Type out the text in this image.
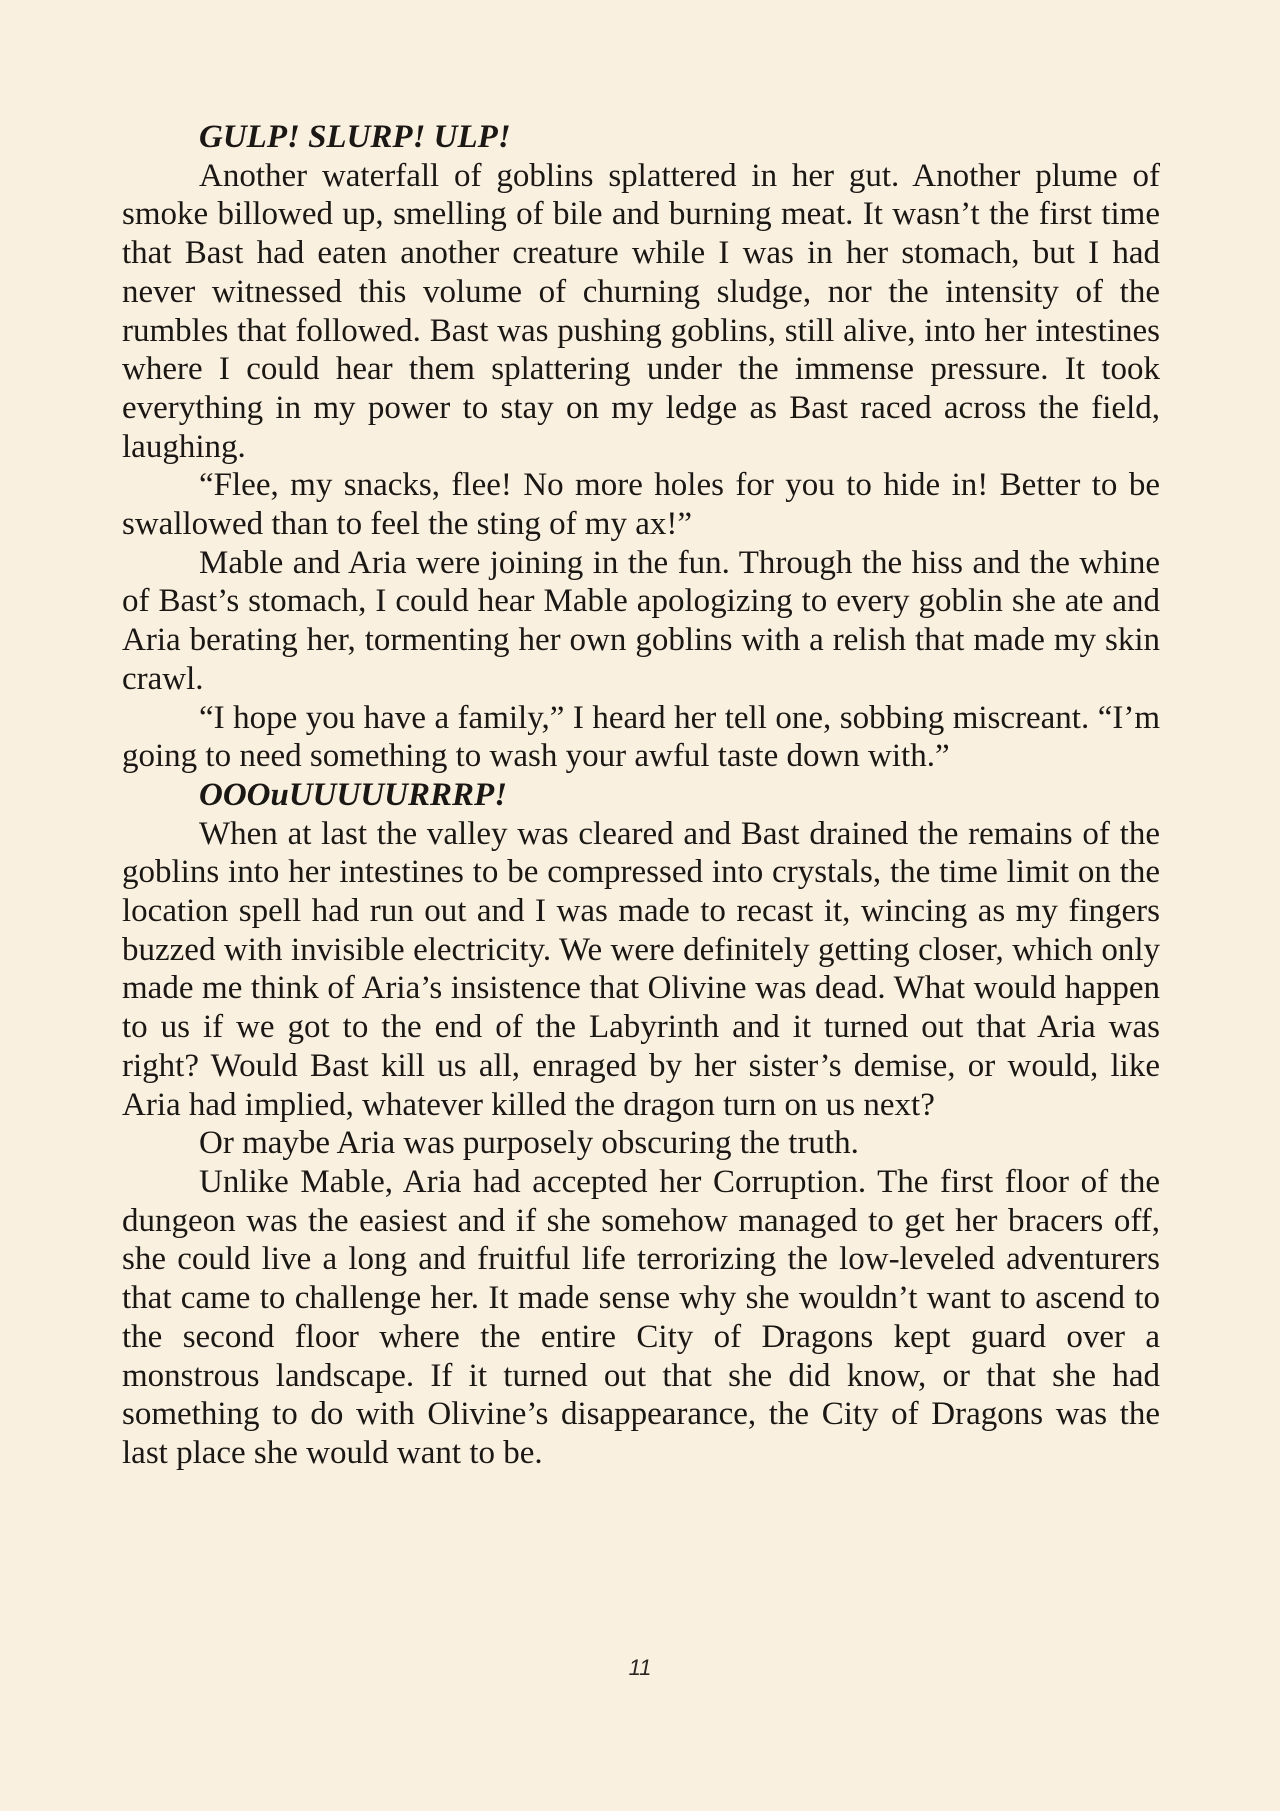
GULP! SLURP! ULP!

Another waterfall of goblins splattered in her gut. Another plume of smoke billowed up, smelling of bile and burning meat. It wasn’t the first time that Bast had eaten another creature while I was in her stomach, but I had never witnessed this volume of churning sludge, nor the intensity of the rumbles that followed. Bast was pushing goblins, still alive, into her intestines where I could hear them splattering under the immense pressure. It took everything in my power to stay on my ledge as Bast raced across the field, laughing.

“Flee, my snacks, flee! No more holes for you to hide in! Better to be swallowed than to feel the sting of my ax!”

Mable and Aria were joining in the fun. Through the hiss and the whine of Bast’s stomach, I could hear Mable apologizing to every goblin she ate and Aria berating her, tormenting her own goblins with a relish that made my skin crawl.

“I hope you have a family,” I heard her tell one, sobbing miscreant. “I’m going to need something to wash your awful taste down with.”

OOOuUUUUURRRP!

When at last the valley was cleared and Bast drained the remains of the goblins into her intestines to be compressed into crystals, the time limit on the location spell had run out and I was made to recast it, wincing as my fingers buzzed with invisible electricity. We were definitely getting closer, which only made me think of Aria’s insistence that Olivine was dead. What would happen to us if we got to the end of the Labyrinth and it turned out that Aria was right? Would Bast kill us all, enraged by her sister’s demise, or would, like Aria had implied, whatever killed the dragon turn on us next?

Or maybe Aria was purposely obscuring the truth.

Unlike Mable, Aria had accepted her Corruption. The first floor of the dungeon was the easiest and if she somehow managed to get her bracers off, she could live a long and fruitful life terrorizing the low-leveled adventurers that came to challenge her. It made sense why she wouldn’t want to ascend to the second floor where the entire City of Dragons kept guard over a monstrous landscape. If it turned out that she did know, or that she had something to do with Olivine’s disappearance, the City of Dragons was the last place she would want to be.

11
